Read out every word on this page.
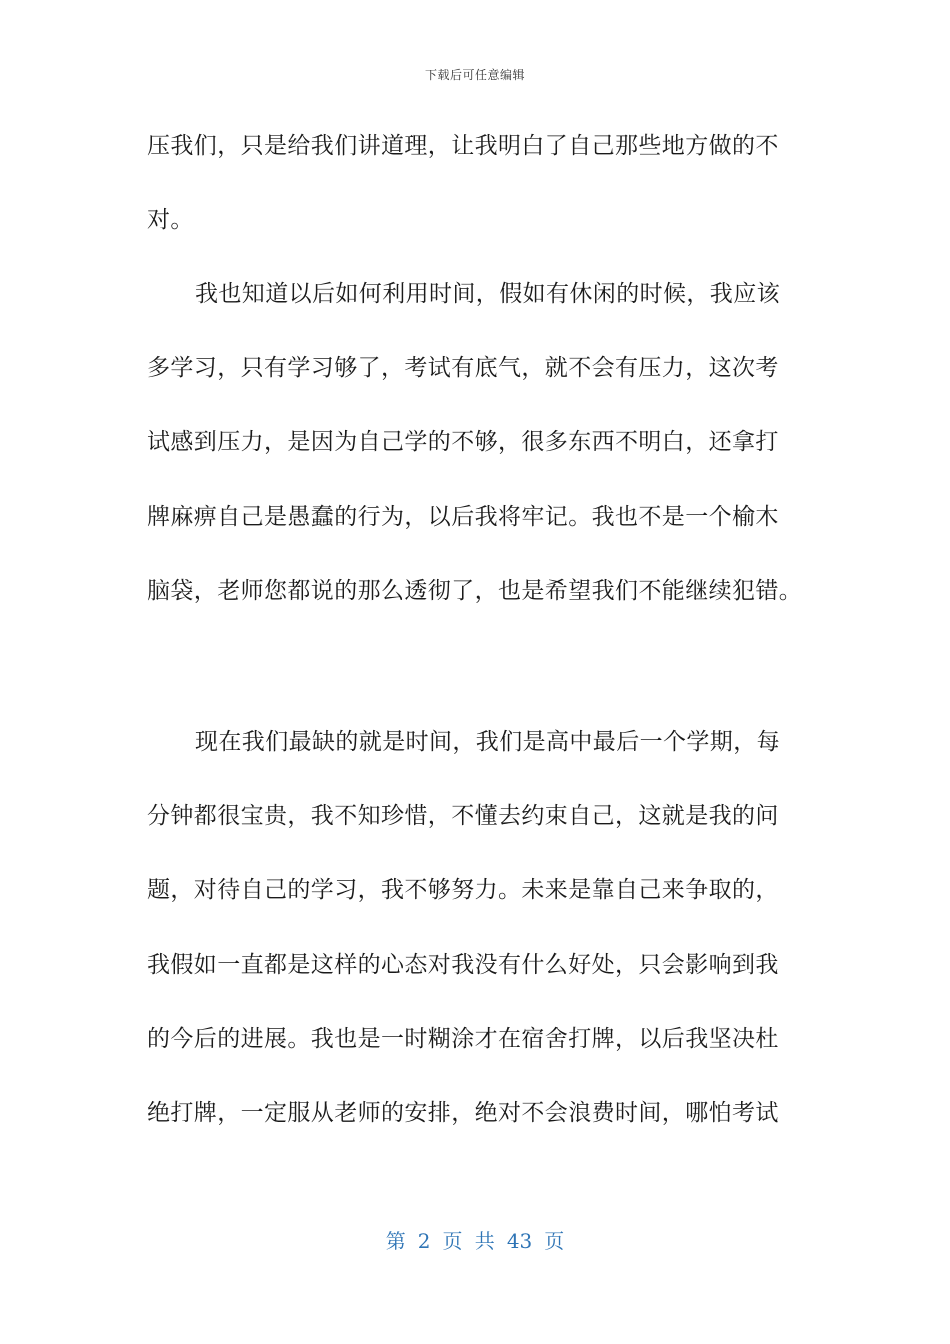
下载后可任意编辑
压我们，只是给我们讲道理，让我明白了自己那些地方做的不
对。
我也知道以后如何利用时间，假如有休闲的时候，我应该
多学习，只有学习够了，考试有底气，就不会有压力，这次考
试感到压力，是因为自己学的不够，很多东西不明白，还拿打
牌麻痹自己是愚蠢的行为，以后我将牢记。我也不是一个榆木
脑袋，老师您都说的那么透彻了，也是希望我们不能继续犯错。
现在我们最缺的就是时间，我们是高中最后一个学期，每
分钟都很宝贵，我不知珍惜，不懂去约束自己，这就是我的问
题，对待自己的学习，我不够努力。未来是靠自己来争取的，
我假如一直都是这样的心态对我没有什么好处，只会影响到我
的今后的进展。我也是一时糊涂才在宿舍打牌，以后我坚决杜
绝打牌，一定服从老师的安排，绝对不会浪费时间，哪怕考试
第 2 页 共 43 页
